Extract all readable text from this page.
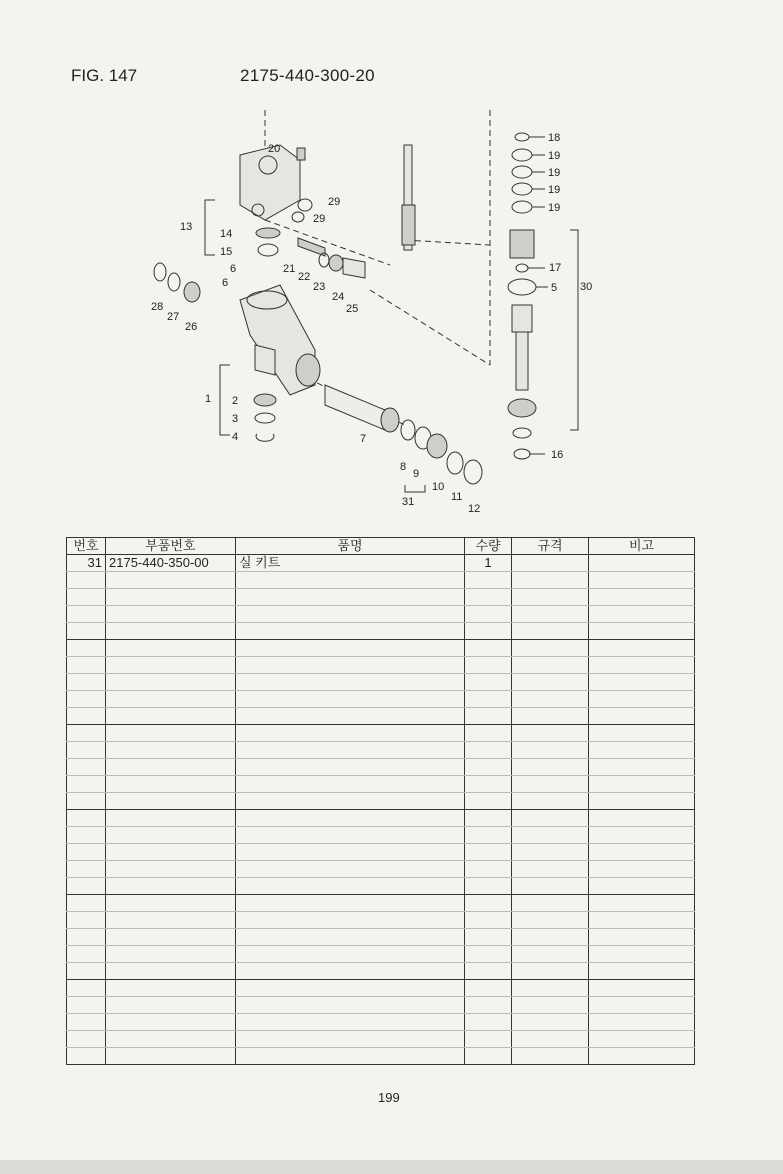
FIG. 147	2175-440-300-20
1 2
3
4
5
6
6
7
8
9
10
11
12
13
14
15
16
17
18
19
19
19
19
20
21
22
23
24
25
26
27
28
29
29
30
31
번호	부품번호	품명	수량	규격	비고
31	2175-440-350-00	실 키트	1		

199
